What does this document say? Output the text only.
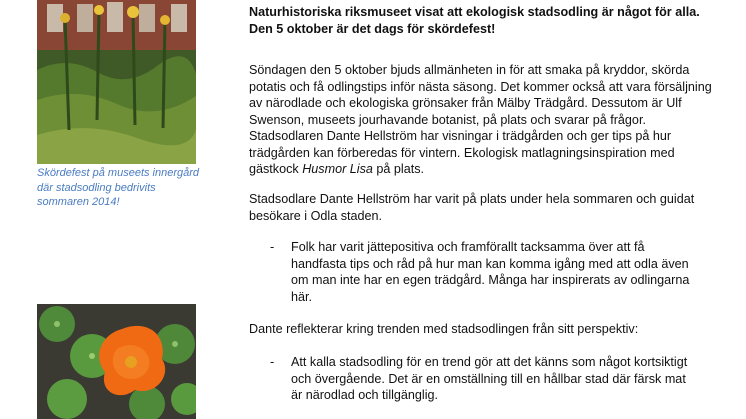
Skördefest på museets innergård där stadsodling bedrivits sommaren 2014!

Naturhistoriska riksmuseet visat att ekologisk stadsodling är något för alla. Den 5 oktober är det dags för skördefest!

Söndagen den 5 oktober bjuds allmänheten in för att smaka på kryddor, skörda potatis och få odlingstips inför nästa säsong. Det kommer också att vara försäljning av närodlade och ekologiska grönsaker från Mälby Trädgård. Dessutom är Ulf Swenson, museets jourhavande botanist, på plats och svarar på frågor. Stadsodlaren Dante Hellström har visningar i trädgården och ger tips på hur trädgården kan förberedas för vintern. Ekologisk matlagningsinspiration med gästkock Husmor Lisa på plats.

Stadsodlare Dante Hellström har varit på plats under hela sommaren och guidat besökare i Odla staden.

- Folk har varit jättepositiva och framförallt tacksamma över att få handfasta tips och råd på hur man kan komma igång med att odla även om man inte har en egen trädgård. Många har inspirerats av odlingarna här.

Dante reflekterar kring trenden med stadsodlingen från sitt perspektiv:

- Att kalla stadsodling för en trend gör att det känns som något kortsiktigt och övergående. Det är en omställning till en hållbar stad där färsk mat är närodlad och tillgänglig.
